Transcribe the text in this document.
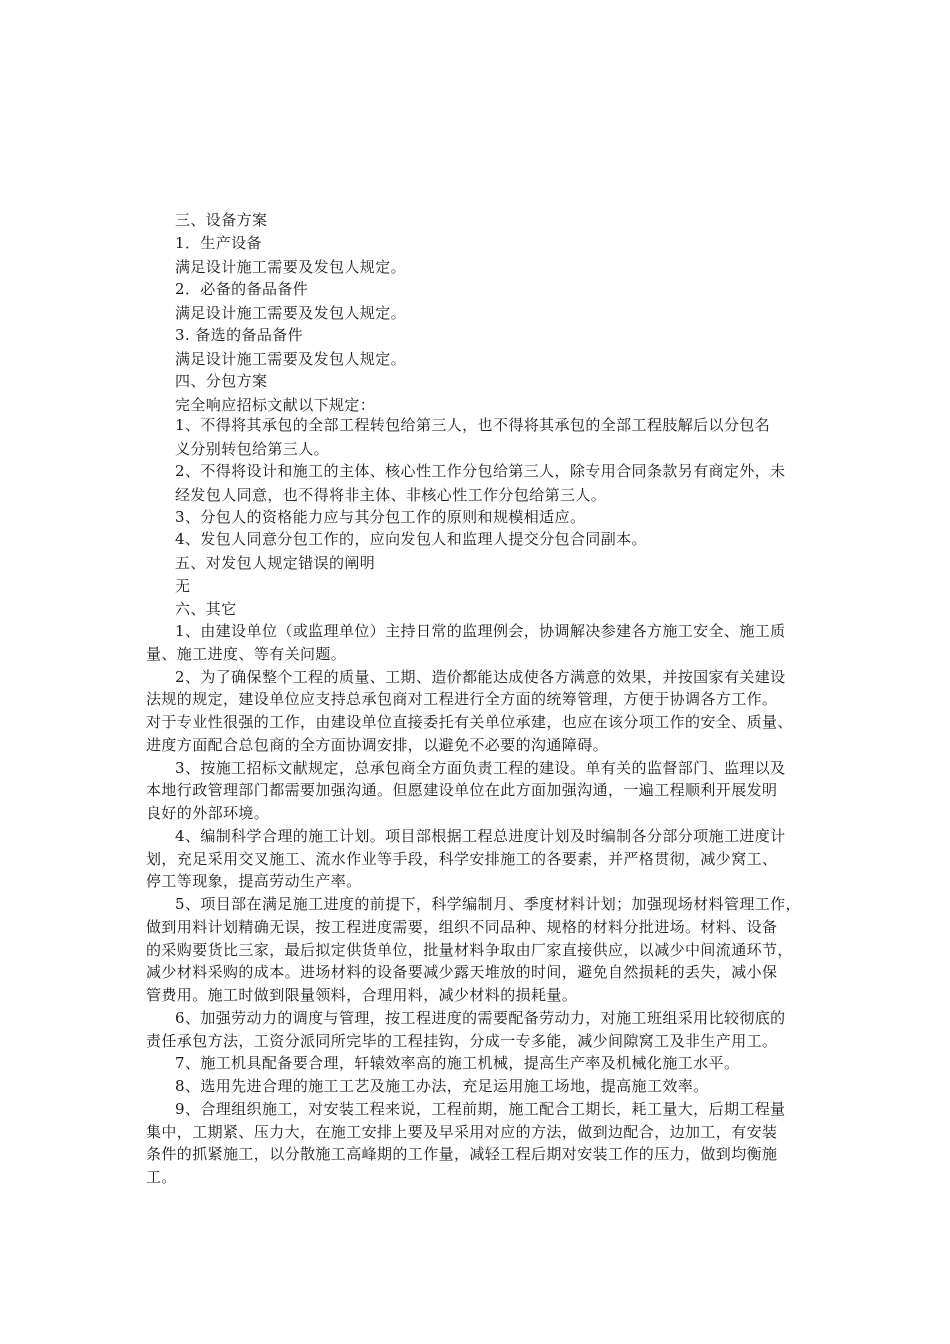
三、设备方案

1．生产设备

满足设计施工需要及发包人规定。

2．必备的备品备件

满足设计施工需要及发包人规定。

3. 备选的备品备件

满足设计施工需要及发包人规定。

四、分包方案

完全响应招标文献以下规定：

1、不得将其承包的全部工程转包给第三人，也不得将其承包的全部工程肢解后以分包名

义分别转包给第三人。

2、不得将设计和施工的主体、核心性工作分包给第三人，除专用合同条款另有商定外，未

经发包人同意，也不得将非主体、非核心性工作分包给第三人。

3、分包人的资格能力应与其分包工作的原则和规模相适应。

4、发包人同意分包工作的，应向发包人和监理人提交分包合同副本。

五、对发包人规定错误的阐明

无

六、其它

1、由建设单位（或监理单位）主持日常的监理例会，协调解决参建各方施工安全、施工质

量、施工进度、等有关问题。

2、为了确保整个工程的质量、工期、造价都能达成使各方满意的效果，并按国家有关建设

法规的规定，建设单位应支持总承包商对工程进行全方面的统筹管理，方便于协调各方工作。

对于专业性很强的工作，由建设单位直接委托有关单位承建，也应在该分项工作的安全、质量、

进度方面配合总包商的全方面协调安排，以避免不必要的沟通障碍。

3、按施工招标文献规定，总承包商全方面负责工程的建设。单有关的监督部门、监理以及

本地行政管理部门都需要加强沟通。但愿建设单位在此方面加强沟通，一遍工程顺利开展发明

良好的外部环境。

4、编制科学合理的施工计划。项目部根据工程总进度计划及时编制各分部分项施工进度计

划，充足采用交叉施工、流水作业等手段，科学安排施工的各要素，并严格贯彻，减少窝工、

停工等现象，提高劳动生产率。

5、项目部在满足施工进度的前提下，科学编制月、季度材料计划；加强现场材料管理工作，

做到用料计划精确无误，按工程进度需要，组织不同品种、规格的材料分批进场。材料、设备

的采购要货比三家，最后拟定供货单位，批量材料争取由厂家直接供应，以减少中间流通环节，

减少材料采购的成本。进场材料的设备要减少露天堆放的时间，避免自然损耗的丢失，减小保

管费用。施工时做到限量领料，合理用料，减少材料的损耗量。

6、加强劳动力的调度与管理，按工程进度的需要配备劳动力，对施工班组采用比较彻底的

责任承包方法，工资分派同所完毕的工程挂钩，分成一专多能，减少间隙窝工及非生产用工。

7、施工机具配备要合理，轩辕效率高的施工机械，提高生产率及机械化施工水平。

8、选用先进合理的施工工艺及施工办法，充足运用施工场地，提高施工效率。

9、合理组织施工，对安装工程来说，工程前期，施工配合工期长，耗工量大，后期工程量

集中，工期紧、压力大，在施工安排上要及早采用对应的方法，做到边配合，边加工，有安装

条件的抓紧施工，以分散施工高峰期的工作量，减轻工程后期对安装工作的压力，做到均衡施

工。
